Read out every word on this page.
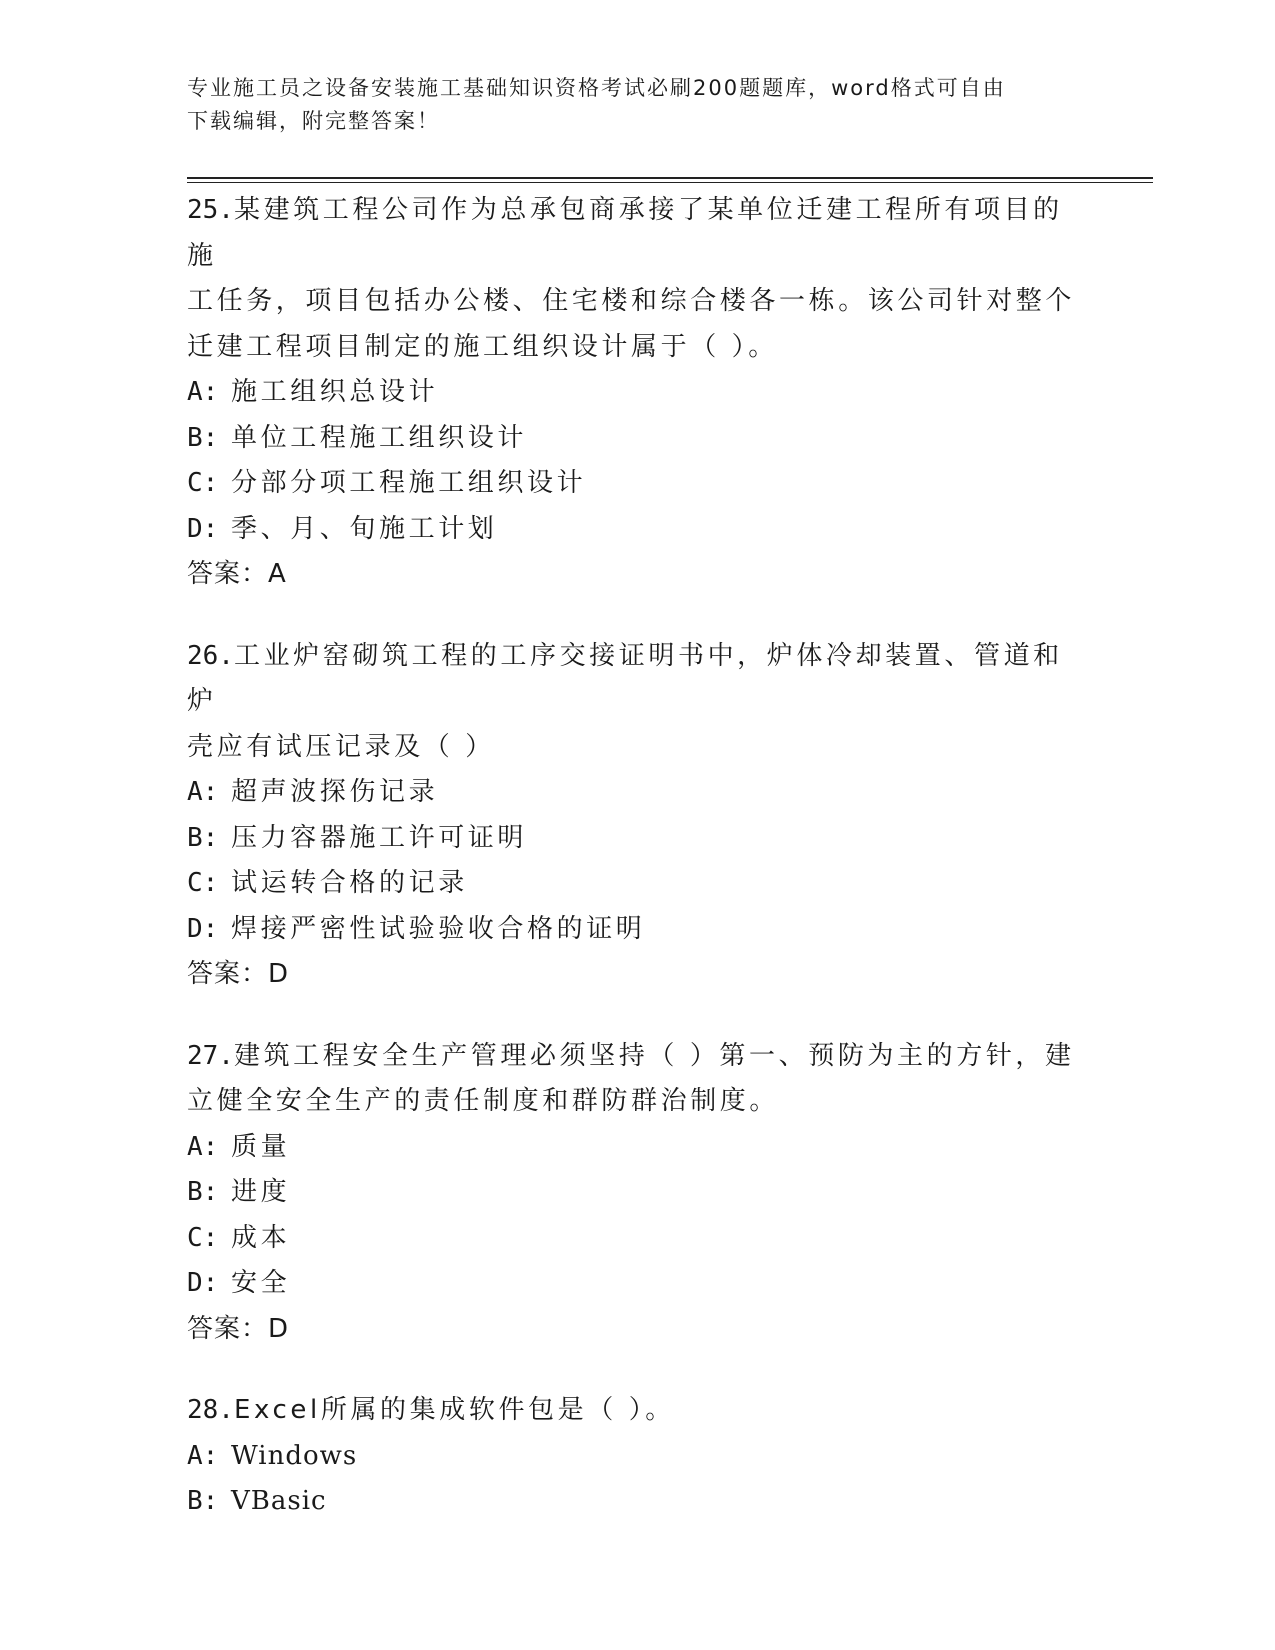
专业施工员之设备安装施工基础知识资格考试必刷200题题库，word格式可自由
下载编辑，附完整答案！

25.某建筑工程公司作为总承包商承接了某单位迁建工程所有项目的施

工任务，项目包括办公楼、住宅楼和综合楼各一栋。该公司针对整个

迁建工程项目制定的施工组织设计属于（ ）。

A: 施工组织总设计

B: 单位工程施工组织设计

C: 分部分项工程施工组织设计

D: 季、月、旬施工计划

答案：A

26.工业炉窑砌筑工程的工序交接证明书中，炉体冷却装置、管道和炉

壳应有试压记录及（ ）

A: 超声波探伤记录

B: 压力容器施工许可证明

C: 试运转合格的记录

D: 焊接严密性试验验收合格的证明

答案：D

27.建筑工程安全生产管理必须坚持（ ）第一、预防为主的方针，建

立健全安全生产的责任制度和群防群治制度。

A: 质量

B: 进度

C: 成本

D: 安全

答案：D

28.Excel所属的集成软件包是（ ）。

A: Windows

B: VBasic
